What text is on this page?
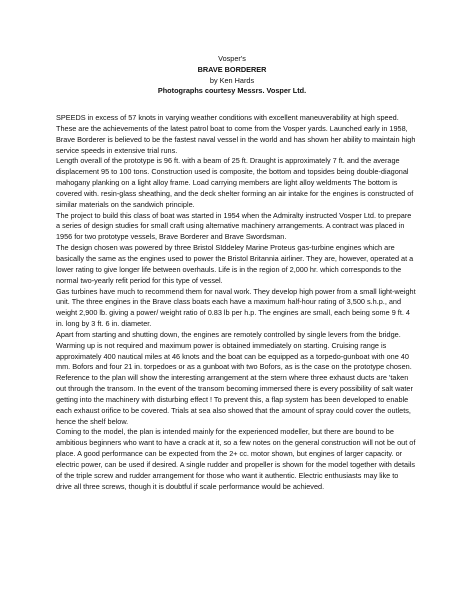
Vosper's
BRAVE BORDERER
by Ken Hards
Photographs courtesy Messrs. Vosper Ltd.

SPEEDS in excess of 57 knots in varying weather conditions with excellent maneuverability at high speed. These are the achievements of the latest patrol boat to come from the Vosper yards. Launched early in 1958, Brave Borderer is believed to be the fastest naval vessel in the world and has shown her ability to maintain high service speeds in extensive trial runs.

Length overall of the prototype is 96 ft. with a beam of 25 ft. Draught is approximately 7 ft. and the average displacement 95 to 100 tons. Construction used is composite, the bottom and topsides being double-diagonal mahogany planking on a light alloy frame. Load carrying members are light alloy weldments The bottom is covered with. resin-glass sheathing, and the deck shelter forming an air intake for the engines is constructed of similar materials on the sandwich principle.

The project to build this class of boat was started in 1954 when the Admiralty instructed Vosper Ltd. to prepare a series of design studies for small craft using alternative machinery arrangements. A contract was placed in 1956 for two prototype vessels, Brave Borderer and Brave Swordsman.

The design chosen was powered by three Bristol SIddeley Marine Proteus gas-turbine engines which are basically the same as the engines used to power the Bristol Britannia airliner. They are, however, operated at a lower rating to give longer life between overhauls. Life is in the region of 2,000 hr. which corresponds to the normal two-yearly refit period for this type of vessel.

Gas turbines have much to recommend them for naval work. They develop high power from a small light-weight unit. The three engines in the Brave class boats each have a maximum half-hour rating of 3,500 s.h.p., and weight 2,900 lb. giving a power/ weight ratio of 0.83 lb per h.p. The engines are small, each being some 9 ft. 4 in. long by 3 ft. 6 in. diameter.

Apart from starting and shutting down, the engines are remotely controlled by single levers from the bridge. Warming up is not required and maximum power is obtained immediately on starting. Cruising range is approximately 400 nautical miles at 46 knots and the boat can be equipped as a torpedo-gunboat with one 40 mm. Bofors and four 21 in. torpedoes or as a gunboat with two Bofors, as is the case on the prototype chosen.

Reference to the plan will show the interesting arrangement at the stern where three exhaust ducts are 'taken out through the transom. In the event of the transom becoming immersed there is every possibility of salt water getting into the machinery with disturbing effect ! To prevent this, a flap system has been developed to enable each exhaust orifice to be covered. Trials at sea also showed that the amount of spray could cover the outlets, hence the shelf below.

Coming to the model, the plan is intended mainly for the experienced modeller, but there are bound to be ambitious beginners who want to have a crack at it, so a few notes on the general construction will not be out of place. A good performance can be expected from the 2+ cc. motor shown, but engines of larger capacity. or electric power, can be used if desired. A single rudder and propeller is shown for the model together with details of the triple screw and rudder arrangement for those who want it authentic. Electric enthusiasts may like to drive all three screws, though it is doubtful if scale performance would be achieved.
